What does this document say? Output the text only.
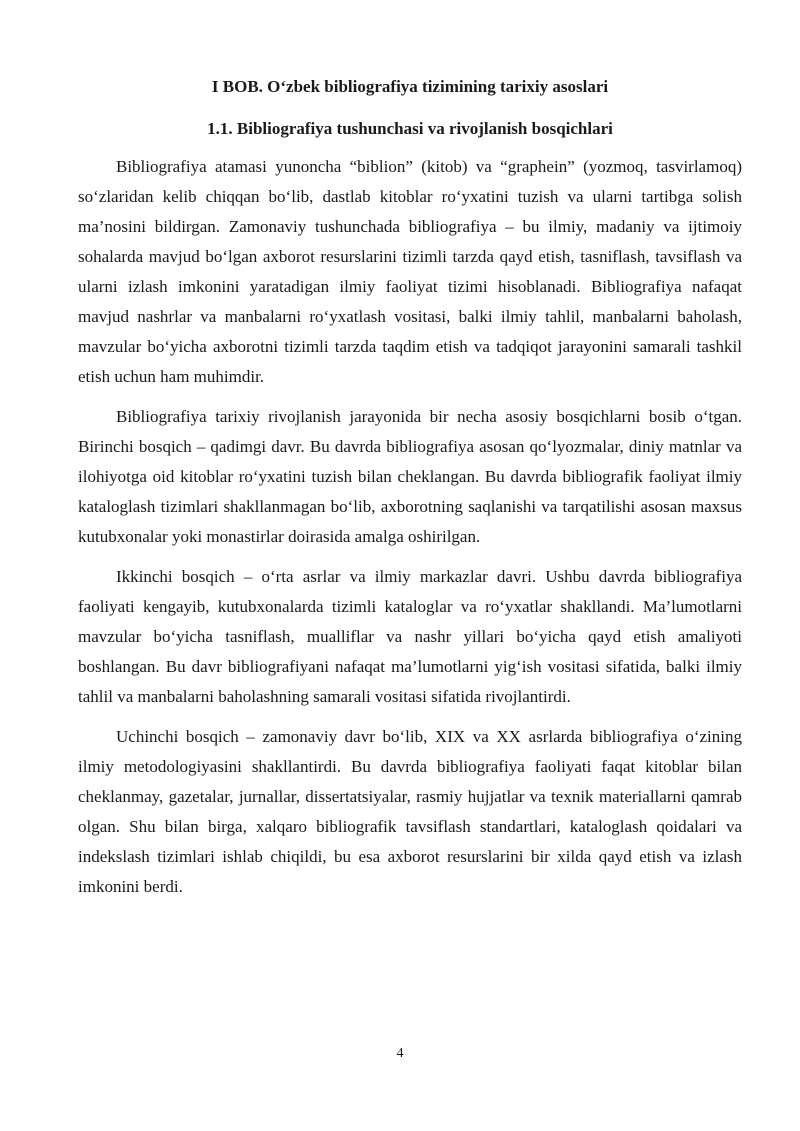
I BOB. O‘zbek bibliografiya tizimining tarixiy asoslari
1.1. Bibliografiya tushunchasi va rivojlanish bosqichlari

Bibliografiya atamasi yunoncha “biblion” (kitob) va “graphein” (yozmoq, tasvirlamoq) so‘zlaridan kelib chiqqan bo‘lib, dastlab kitoblar ro‘yxatini tuzish va ularni tartibga solish ma’nosini bildirgan. Zamonaviy tushunchada bibliografiya – bu ilmiy, madaniy va ijtimoiy sohalarda mavjud bo‘lgan axborot resurslarini tizimli tarzda qayd etish, tasniflash, tavsiflash va ularni izlash imkonini yaratadigan ilmiy faoliyat tizimi hisoblanadi. Bibliografiya nafaqat mavjud nashrlar va manbalarni ro‘yxatlash vositasi, balki ilmiy tahlil, manbalarni baholash, mavzular bo‘yicha axborotni tizimli tarzda taqdim etish va tadqiqot jarayonini samarali tashkil etish uchun ham muhimdir.

Bibliografiya tarixiy rivojlanish jarayonida bir necha asosiy bosqichlarni bosib o‘tgan. Birinchi bosqich – qadimgi davr. Bu davrda bibliografiya asosan qo‘lyozmalar, diniy matnlar va ilohiyotga oid kitoblar ro‘yxatini tuzish bilan cheklangan. Bu davrda bibliografik faoliyat ilmiy kataloglash tizimlari shakllanmagan bo‘lib, axborotning saqlanishi va tarqatilishi asosan maxsus kutubxonalar yoki monastirlar doirasida amalga oshirilgan.

Ikkinchi bosqich – o‘rta asrlar va ilmiy markazlar davri. Ushbu davrda bibliografiya faoliyati kengayib, kutubxonalarda tizimli kataloglar va ro‘yxatlar shakllandi. Ma’lumotlarni mavzular bo‘yicha tasniflash, mualliflar va nashr yillari bo‘yicha qayd etish amaliyoti boshlangan. Bu davr bibliografiyani nafaqat ma’lumotlarni yig‘ish vositasi sifatida, balki ilmiy tahlil va manbalarni baholashning samarali vositasi sifatida rivojlantirdi.

Uchinchi bosqich – zamonaviy davr bo‘lib, XIX va XX asrlarda bibliografiya o‘zining ilmiy metodologiyasini shakllantirdi. Bu davrda bibliografiya faoliyati faqat kitoblar bilan cheklanmay, gazetalar, jurnallar, dissertatsiyalar, rasmiy hujjatlar va texnik materiallarni qamrab olgan. Shu bilan birga, xalqaro bibliografik tavsiflash standartlari, kataloglash qoidalari va indekslash tizimlari ishlab chiqildi, bu esa axborot resurslarini bir xilda qayd etish va izlash imkonini berdi.

4
